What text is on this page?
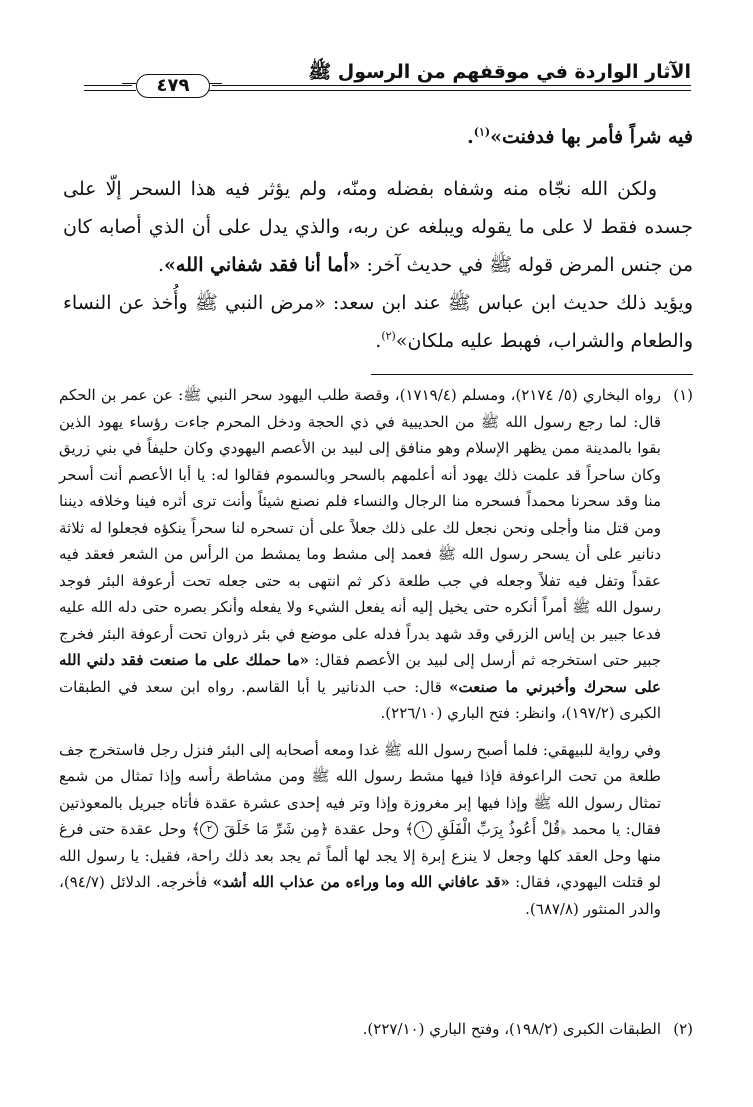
الآثار الواردة في موقفهم من الرسول ﷺ
٤٧٩

فيه شراً فأمر بها فدفنت»$^{(١)}$.

ولكن الله نجّاه منه وشفاه بفضله ومنّه، ولم يؤثر فيه هذا السحر إلّا على جسده فقط لا على ما يقوله ويبلغه عن ربه، والذي يدل على أن الذي أصابه كان من جنس المرض قوله ﷺ في حديث آخر: «أما أنا فقد شفاني الله».

ويؤيد ذلك حديث ابن عباس ﷺ عند ابن سعد: «مرض النبي ﷺ وأُخذ عن النساء والطعام والشراب، فهبط عليه ملكان»$^{(٢)}$.

(١)

رواه البخاري (٥/ ٢١٧٤)، ومسلم (١٧١٩/٤)، وقصة طلب اليهود سحر النبي ﷺ: عن عمر بن الحكم قال: لما رجع رسول الله ﷺ من الحديبية في ذي الحجة ودخل المحرم جاءت رؤساء يهود الذين بقوا بالمدينة ممن يظهر الإسلام وهو منافق إلى لبيد بن الأعصم اليهودي وكان حليفاً في بني زريق وكان ساحراً قد علمت ذلك يهود أنه أعلمهم بالسحر وبالسموم فقالوا له: يا أبا الأعصم أنت أسحر منا وقد سحرنا محمداً فسحره منا الرجال والنساء فلم نصنع شيئاً وأنت ترى أثره فينا وخلافه ديننا ومن قتل منا وأجلى ونحن نجعل لك على ذلك جعلاً على أن تسحره لنا سحراً ينكؤه فجعلوا له ثلاثة دنانير على أن يسحر رسول الله ﷺ فعمد إلى مشط وما يمشط من الرأس من الشعر فعقد فيه عقداً وتفل فيه تفلاً وجعله في جب طلعة ذكر ثم انتهى به حتى جعله تحت أرعوفة البئر فوجد رسول الله ﷺ أمراً أنكره حتى يخيل إليه أنه يفعل الشيء ولا يفعله وأنكر بصره حتى دله الله عليه فدعا جبير بن إياس الزرقي وقد شهد بدراً فدله على موضع في بئر ذروان تحت أرعوفة البئر فخرج جبير حتى استخرجه ثم أرسل إلى لبيد بن الأعصم فقال: «ما حملك على ما صنعت فقد دلني الله على سحرك وأخبرني ما صنعت» قال: حب الدنانير يا أبا القاسم. رواه ابن سعد في الطبقات الكبرى (١٩٧/٢)، وانظر: فتح الباري (٢٢٦/١٠).

وفي رواية للبيهقي: فلما أصبح رسول الله ﷺ غدا ومعه أصحابه إلى البئر فنزل رجل فاستخرج جف طلعة من تحت الراعوفة فإذا فيها مشط رسول الله ﷺ ومن مشاطة رأسه وإذا تمثال من شمع تمثال رسول الله ﷺ وإذا فيها إبر مغروزة وإذا وتر فيه إحدى عشرة عقدة فأتاه جبريل بالمعوذتين فقال: يا محمد ﴿قُلْ أَعُوذُ بِرَبِّ الْفَلَقِ ١﴾ وحل عقدة ﴿مِن شَرِّ مَا خَلَقَ ٢﴾ وحل عقدة حتى فرغ منها وحل العقد كلها وجعل لا ينزع إبرة إلا يجد لها ألماً ثم يجد بعد ذلك راحة، فقيل: يا رسول الله لو قتلت اليهودي، فقال: «قد عافاني الله وما وراءه من عذاب الله أشد» فأخرجه. الدلائل (٩٤/٧)، والدر المنثور (٦٨٧/٨).

(٢)
الطبقات الكبرى (١٩٨/٢)، وفتح الباري (٢٢٧/١٠).
